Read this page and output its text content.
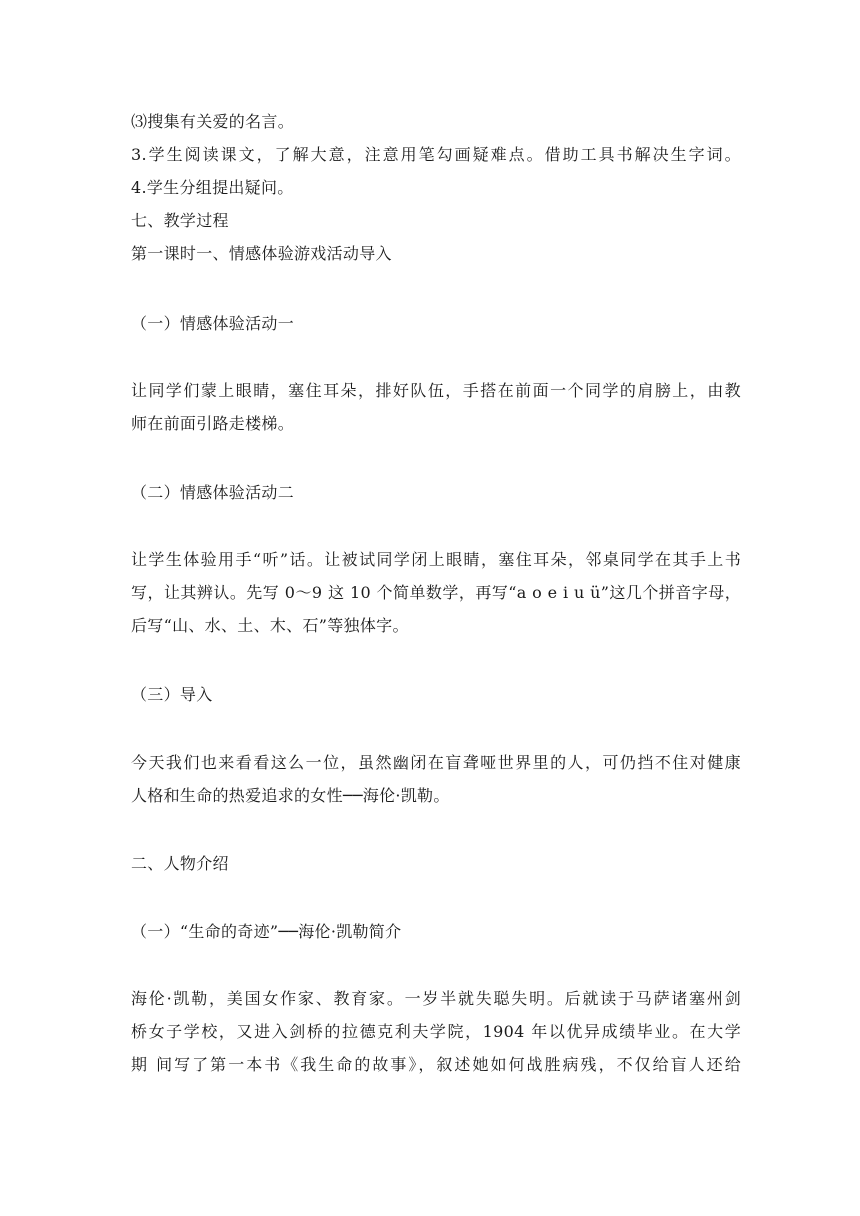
⑶搜集有关爱的名言。
3.学生阅读课文，了解大意，注意用笔勾画疑难点。借助工具书解决生字词。
4.学生分组提出疑问。
七、教学过程
第一课时一、情感体验游戏活动导入
（一）情感体验活动一
让同学们蒙上眼睛，塞住耳朵，排好队伍，手搭在前面一个同学的肩膀上，由教
师在前面引路走楼梯。
（二）情感体验活动二
让学生体验用手“听”话。让被试同学闭上眼睛，塞住耳朵，邻桌同学在其手上书
写，让其辨认。先写 0～9 这 10 个简单数学，再写“a o e i u ü”这几个拼音字母，
后写“山、水、土、木、石”等独体字。
（三）导入
今天我们也来看看这么一位，虽然幽闭在盲聋哑世界里的人，可仍挡不住对健康
人格和生命的热爱追求的女性──海伦·凯勒。
二、人物介绍
（一）“生命的奇迹”──海伦·凯勒简介
海伦·凯勒，美国女作家、教育家。一岁半就失聪失明。后就读于马萨诸塞州剑
桥女子学校，又进入剑桥的拉德克利夫学院，1904 年以优异成绩毕业。在大学
期 间写了第一本书《我生命的故事》，叙述她如何战胜病残，不仅给盲人还给
